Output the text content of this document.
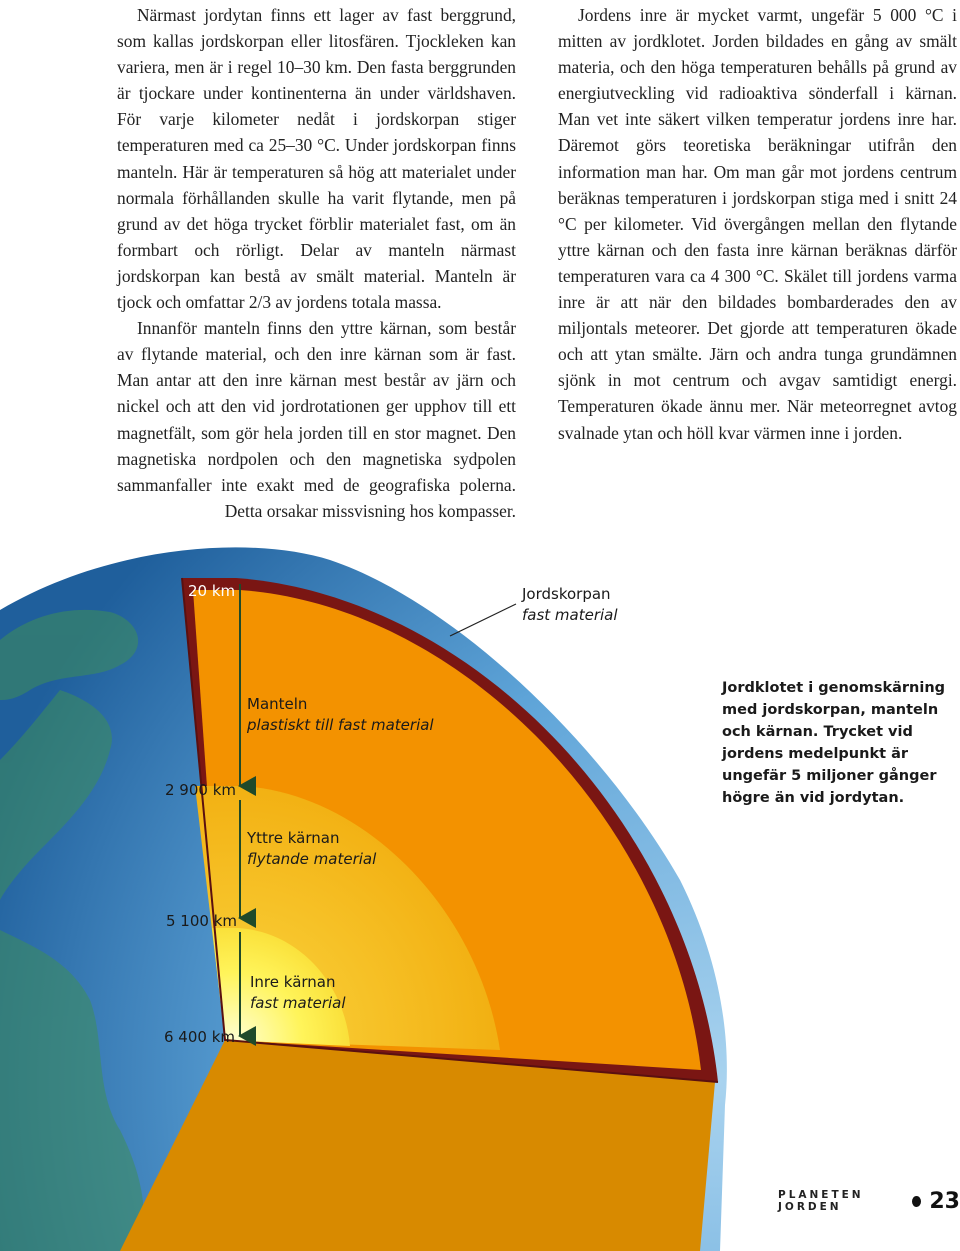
Närmast jordytan finns ett lager av fast berggrund, som kallas jordskorpan eller litosfären. Tjockleken kan variera, men är i regel 10–30 km. Den fasta berggrunden är tjockare under kontinenterna än under världshaven. För varje kilometer nedåt i jordskorpan stiger temperaturen med ca 25–30 °C. Under jordskorpan finns manteln. Här är temperaturen så hög att materialet under normala förhållanden skulle ha varit flytande, men på grund av det höga trycket förblir materialet fast, om än formbart och rörligt. Delar av manteln närmast jordskorpan kan bestå av smält material. Manteln är tjock och omfattar 2/3 av jordens totala massa.

Innanför manteln finns den yttre kärnan, som består av flytande material, och den inre kärnan som är fast. Man antar att den inre kärnan mest består av järn och nickel och att den vid jordrotationen ger upphov till ett magnetfält, som gör hela jorden till en stor magnet. Den magnetiska nordpolen och den magnetiska sydpolen sammanfaller inte exakt med de geografiska polerna. Detta orsakar missvisning hos kompasser.

Jordens inre är mycket varmt, ungefär 5 000 °C i mitten av jordklotet. Jorden bildades en gång av smält materia, och den höga temperaturen behålls på grund av energiutveckling vid radioaktiva sönderfall i kärnan. Man vet inte säkert vilken temperatur jordens inre har. Däremot görs teoretiska beräkningar utifrån den information man har. Om man går mot jordens centrum beräknas temperaturen i jordskorpan stiga med i snitt 24 °C per kilometer. Vid övergången mellan den flytande yttre kärnan och den fasta inre kärnan beräknas därför temperaturen vara ca 4 300 °C. Skälet till jordens varma inre är att när den bildades bombarderades den av miljontals meteorer. Det gjorde att temperaturen ökade och att ytan smälte. Järn och andra tunga grundämnen sjönk in mot centrum och avgav samtidigt energi. Temperaturen ökade ännu mer. När meteorregnet avtog svalnade ytan och höll kvar värmen inne i jorden.

20 km
2 900 km
5 100 km
6 400 km
Jordskorpan
fast material
Manteln
plastiskt till fast material
Yttre kärnan
flytande material
Inre kärnan
fast material
Jordklotet i genomskärning med jordskorpan, manteln och kärnan. Trycket vid jordens medelpunkt är ungefär 5 miljoner gånger högre än vid jordytan.
PLANETEN JORDEN	23
